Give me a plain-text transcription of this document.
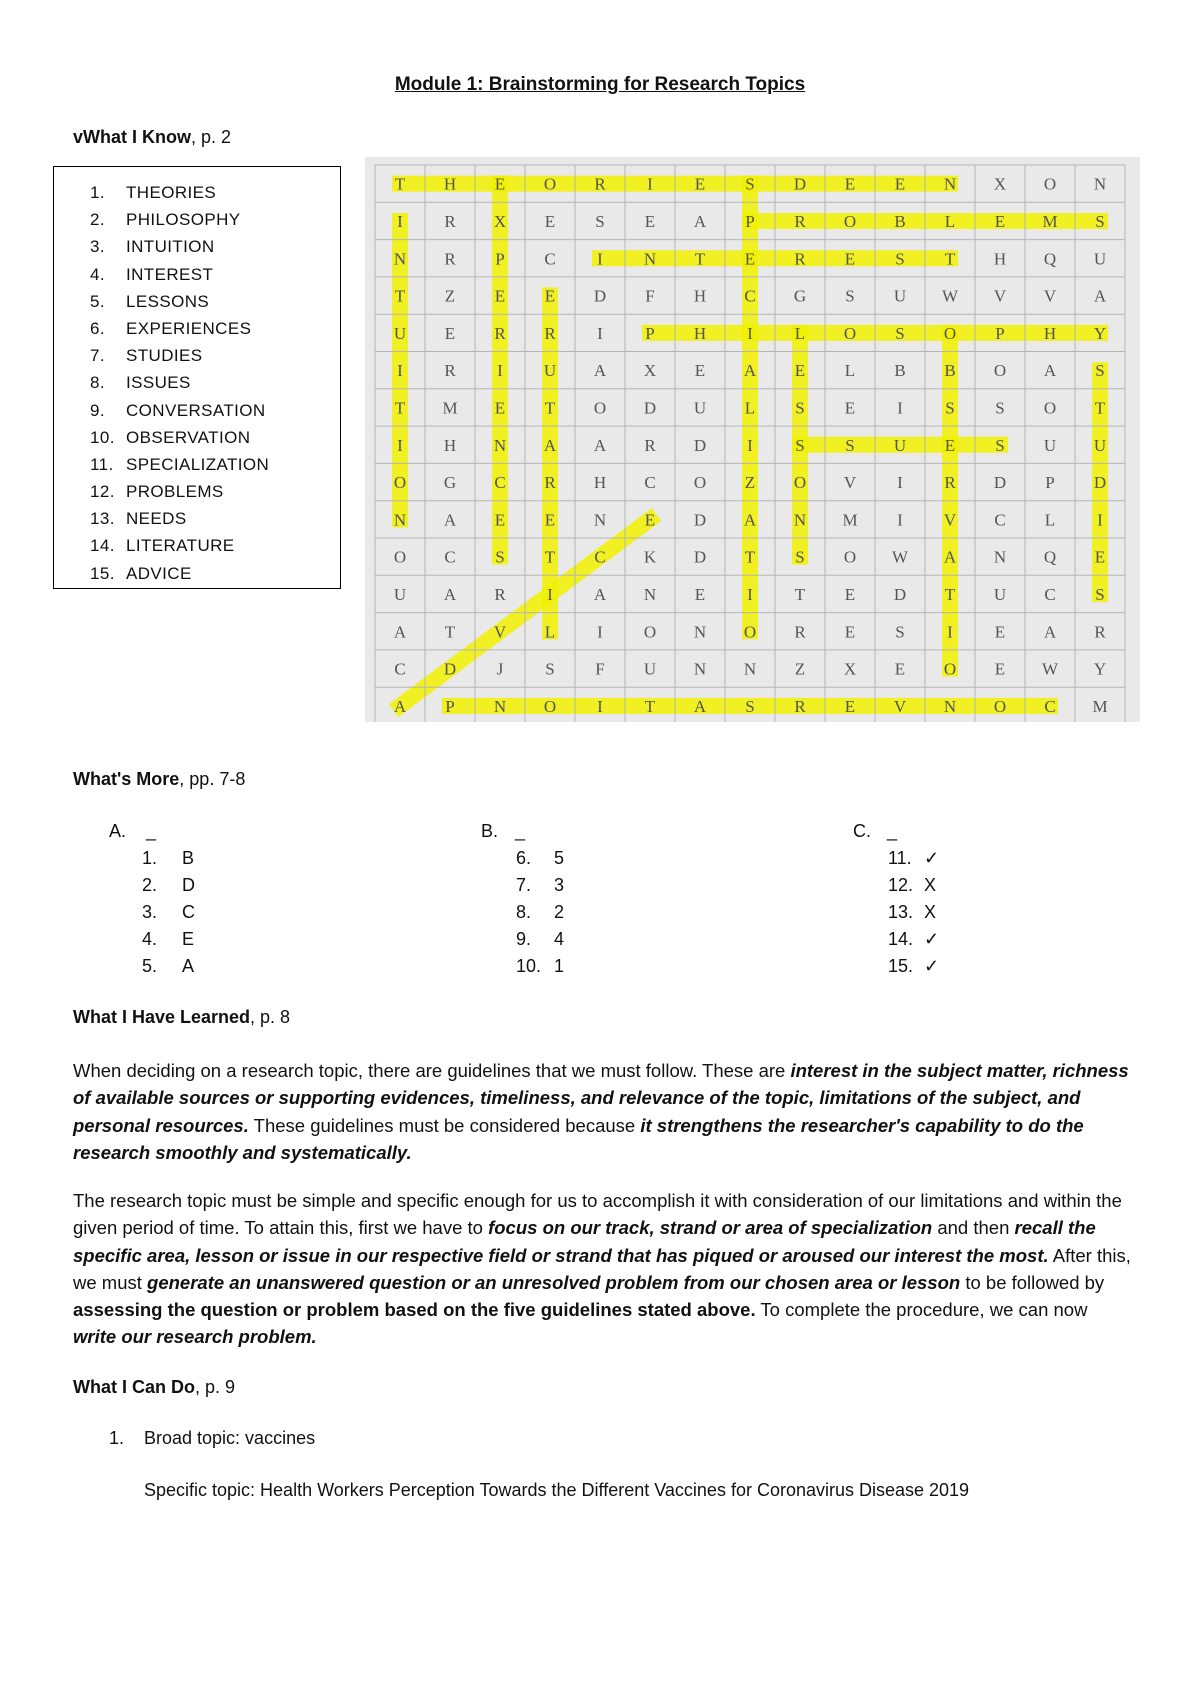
Module 1: Brainstorming for Research Topics
vWhat I Know, p. 2
1. THEORIES
2. PHILOSOPHY
3. INTUITION
4. INTEREST
5. LESSONS
6. EXPERIENCES
7. STUDIES
8. ISSUES
9. CONVERSATION
10. OBSERVATION
11. SPECIALIZATION
12. PROBLEMS
13. NEEDS
14. LITERATURE
15. ADVICE
T H E O R I E S D E E N X O N
I R X E S E A P R O B L E M S
N R P C I N T E R E S T H Q U
T Z E E D F H C G S U W V V A
U E R R I P H I L O S O P H Y
I R I U A X E A E L B B O A S
T M E T O D U L S E I S S O T
I H N A A R D I S S U E S U U
O G C R H C O Z O V I R D P D
N A E E N E D A N M I V C L I
O C S T C K D T S O W A N Q E
U A R I A N E I T E D T U C S
A T V L I O N O R E S I E A R
C D J S F U N N Z X E O E W Y
A P N O I T A S R E V N O C M
What's More, pp. 7-8
A. _
1. B
2. D
3. C
4. E
5. A
B. _
6. 5
7. 3
8. 2
9. 4
10. 1
C. _
11. ✓
12. X
13. X
14. ✓
15. ✓
What I Have Learned, p. 8
When deciding on a research topic, there are guidelines that we must follow. These are interest in the subject matter, richness of available sources or supporting evidences, timeliness, and relevance of the topic, limitations of the subject, and personal resources. These guidelines must be considered because it strengthens the researcher's capability to do the research smoothly and systematically.
The research topic must be simple and specific enough for us to accomplish it with consideration of our limitations and within the given period of time. To attain this, first we have to focus on our track, strand or area of specialization and then recall the specific area, lesson or issue in our respective field or strand that has piqued or aroused our interest the most. After this, we must generate an unanswered question or an unresolved problem from our chosen area or lesson to be followed by assessing the question or problem based on the five guidelines stated above. To complete the procedure, we can now write our research problem.
What I Can Do, p. 9
1. Broad topic: vaccines
Specific topic: Health Workers Perception Towards the Different Vaccines for Coronavirus Disease 2019
